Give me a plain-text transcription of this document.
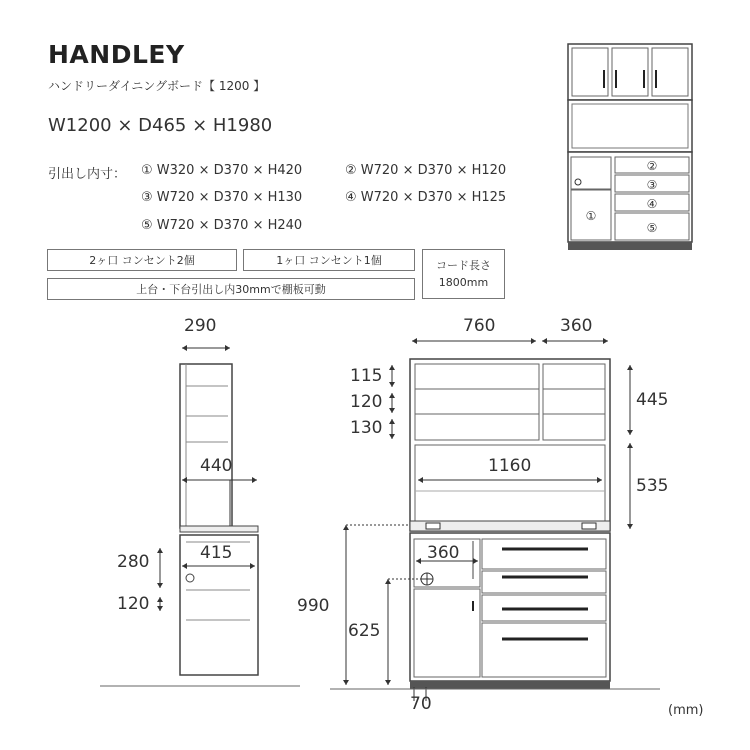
HANDLEY
ハンドリーダイニングボード【 1200 】
W1200 × D465 × H1980
引出し内寸： ① W320 × D370 × H420	② W720 × D370 × H120
③ W720 × D370 × H130	④ W720 × D370 × H125
⑤ W720 × D370 × H240
2ヶ口 コンセント2個	1ヶ口 コンセント1個	コード長さ
1800mm
上台・下台引出し内30mmで棚板可動
②
③
④
⑤
①
290
440
415
280
120
760	360
115
120
130
445
535
1160
990
360
625
70	(mm)
